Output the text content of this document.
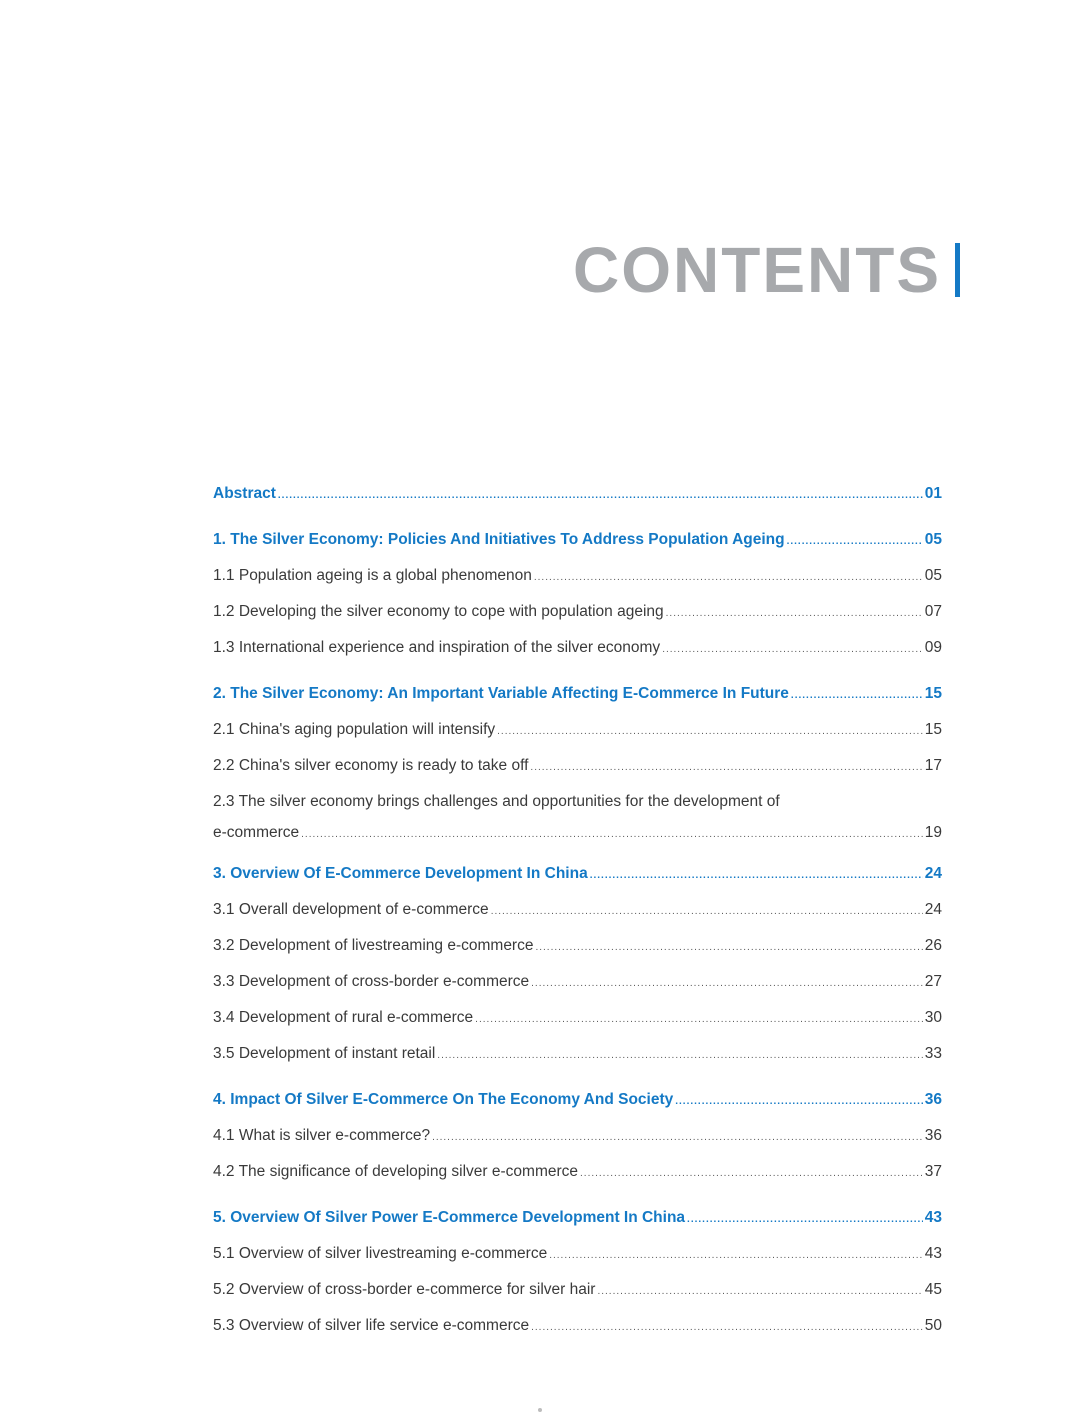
CONTENTS
Abstract .....	01
1. The Silver Economy: Policies And Initiatives To Address Population Ageing .....	05
1.1 Population ageing is a global phenomenon .....	05
1.2 Developing the silver economy to cope with population ageing .....	07
1.3 International experience and inspiration of the silver economy .....	09
2. The Silver Economy: An Important Variable Affecting E-Commerce In Future .....	15
2.1 China's aging population will intensify .....	15
2.2 China's silver economy is ready to take off .....	17
2.3 The silver economy brings challenges and opportunities for the development of
e-commerce .....	19
3. Overview Of E-Commerce Development In China .....	24
3.1 Overall development of e-commerce .....	24
3.2 Development of livestreaming e-commerce .....	26
3.3 Development of cross-border e-commerce .....	27
3.4 Development of rural e-commerce .....	30
3.5 Development of instant retail .....	33
4. Impact Of Silver E-Commerce On The Economy And Society .....	36
4.1 What is silver e-commerce? .....	36
4.2 The significance of developing silver e-commerce .....	37
5. Overview Of Silver Power E-Commerce Development In China .....	43
5.1 Overview of silver livestreaming e-commerce .....	43
5.2 Overview of cross-border e-commerce for silver hair .....	45
5.3 Overview of silver life service e-commerce .....	50
